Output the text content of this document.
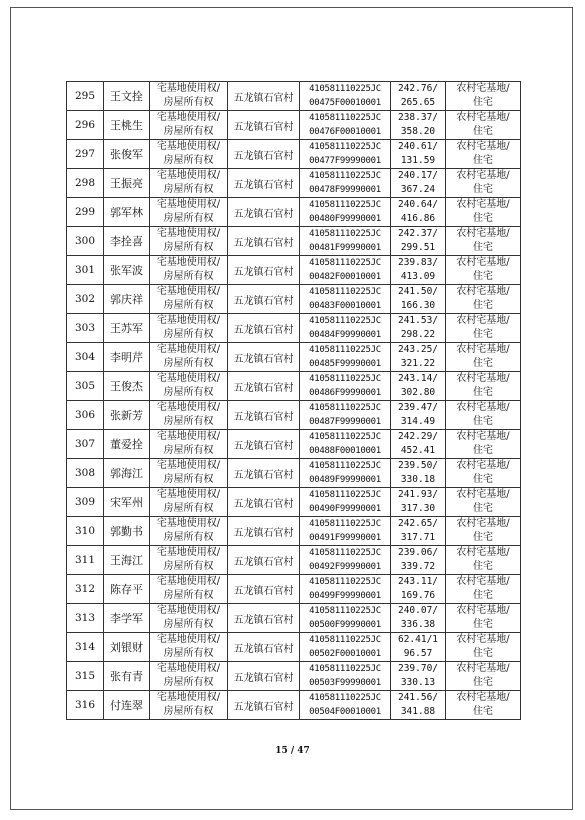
295	王文拴	宅基地使用权/
房屋所有权	五龙镇石官村	410581110225JC
00475F00010001	242.76/
265.65	农村宅基地/
住宅

296	王桃生	宅基地使用权/
房屋所有权	五龙镇石官村	410581110225JC
00476F00010001	238.37/
358.20	农村宅基地/
住宅

297	张俊军	宅基地使用权/
房屋所有权	五龙镇石官村	410581110225JC
00477F99990001	240.61/
131.59	农村宅基地/
住宅

298	王振亮	宅基地使用权/
房屋所有权	五龙镇石官村	410581110225JC
00478F99990001	240.17/
367.24	农村宅基地/
住宅

299	郭军林	宅基地使用权/
房屋所有权	五龙镇石官村	410581110225JC
00480F99990001	240.64/
416.86	农村宅基地/
住宅

300	李拴喜	宅基地使用权/
房屋所有权	五龙镇石官村	410581110225JC
00481F99990001	242.37/
299.51	农村宅基地/
住宅

301	张军波	宅基地使用权/
房屋所有权	五龙镇石官村	410581110225JC
00482F00010001	239.83/
413.09	农村宅基地/
住宅

302	郭庆祥	宅基地使用权/
房屋所有权	五龙镇石官村	410581110225JC
00483F00010001	241.50/
166.30	农村宅基地/
住宅

303	王苏军	宅基地使用权/
房屋所有权	五龙镇石官村	410581110225JC
00484F99990001	241.53/
298.22	农村宅基地/
住宅

304	李明芹	宅基地使用权/
房屋所有权	五龙镇石官村	410581110225JC
00485F99990001	243.25/
321.22	农村宅基地/
住宅

305	王俊杰	宅基地使用权/
房屋所有权	五龙镇石官村	410581110225JC
00486F99990001	243.14/
302.80	农村宅基地/
住宅

306	张新芳	宅基地使用权/
房屋所有权	五龙镇石官村	410581110225JC
00487F99990001	239.47/
314.49	农村宅基地/
住宅

307	董爱拴	宅基地使用权/
房屋所有权	五龙镇石官村	410581110225JC
00488F00010001	242.29/
452.41	农村宅基地/
住宅

308	郭海江	宅基地使用权/
房屋所有权	五龙镇石官村	410581110225JC
00489F99990001	239.50/
330.18	农村宅基地/
住宅

309	宋军州	宅基地使用权/
房屋所有权	五龙镇石官村	410581110225JC
00490F99990001	241.93/
317.30	农村宅基地/
住宅

310	郭勤书	宅基地使用权/
房屋所有权	五龙镇石官村	410581110225JC
00491F99990001	242.65/
317.71	农村宅基地/
住宅

311	王海江	宅基地使用权/
房屋所有权	五龙镇石官村	410581110225JC
00492F99990001	239.06/
339.72	农村宅基地/
住宅

312	陈存平	宅基地使用权/
房屋所有权	五龙镇石官村	410581110225JC
00499F99990001	243.11/
169.76	农村宅基地/
住宅

313	李学军	宅基地使用权/
房屋所有权	五龙镇石官村	410581110225JC
00500F99990001	240.07/
336.38	农村宅基地/
住宅

314	刘银财	宅基地使用权/
房屋所有权	五龙镇石官村	410581110225JC
00502F00010001	62.41/1
96.57	农村宅基地/
住宅

315	张有青	宅基地使用权/
房屋所有权	五龙镇石官村	410581110225JC
00503F99990001	239.70/
330.13	农村宅基地/
住宅

316	付连翠	宅基地使用权/
房屋所有权	五龙镇石官村	410581110225JC
00504F00010001	241.56/
341.88	农村宅基地/
住宅
15 / 47
